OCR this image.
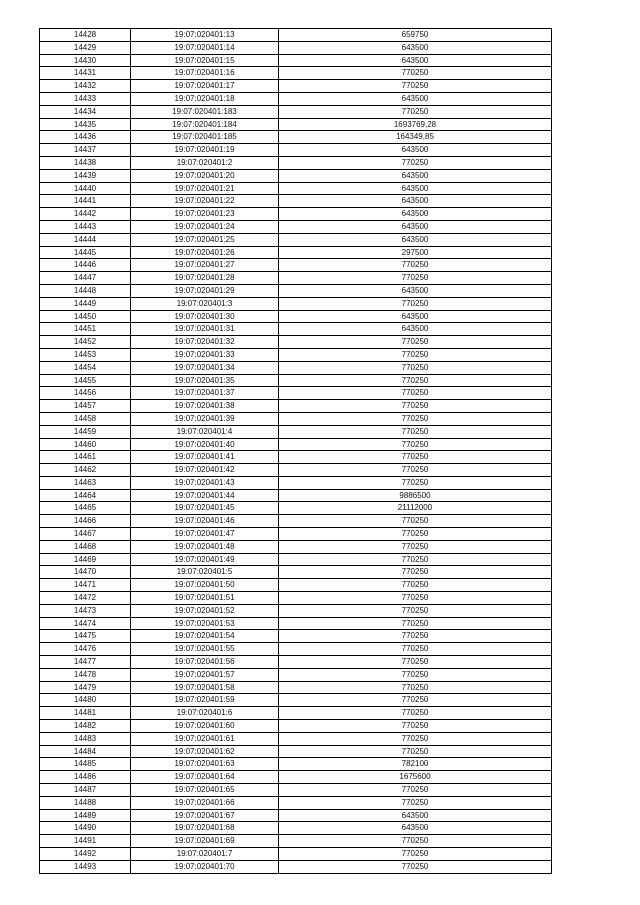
14428	19:07:020401:13	659750
14429	19:07:020401:14	643500
14430	19:07:020401:15	643500
14431	19:07:020401:16	770250
14432	19:07:020401:17	770250
14433	19:07:020401:18	643500
14434	19:07:020401:183	770250
14435	19:07:020401:184	1693769,28
14436	19:07:020401:185	164349,85
14437	19:07:020401:19	643500
14438	19:07:020401:2	770250
14439	19:07:020401:20	643500
14440	19:07:020401:21	643500
14441	19:07:020401:22	643500
14442	19:07:020401:23	643500
14443	19:07:020401:24	643500
14444	19:07:020401:25	643500
14445	19:07:020401:26	297500
14446	19:07:020401:27	770250
14447	19:07:020401:28	770250
14448	19:07:020401:29	643500
14449	19:07:020401:3	770250
14450	19:07:020401:30	643500
14451	19:07:020401:31	643500
14452	19:07:020401:32	770250
14453	19:07:020401:33	770250
14454	19:07:020401:34	770250
14455	19:07:020401:35	770250
14456	19:07:020401:37	770250
14457	19:07:020401:38	770250
14458	19:07:020401:39	770250
14459	19:07:020401:4	770250
14460	19:07:020401:40	770250
14461	19:07:020401:41	770250
14462	19:07:020401:42	770250
14463	19:07:020401:43	770250
14464	19:07:020401:44	9886500
14465	19:07:020401:45	21112000
14466	19:07:020401:46	770250
14467	19:07:020401:47	770250
14468	19:07:020401:48	770250
14469	19:07:020401:49	770250
14470	19:07:020401:5	770250
14471	19:07:020401:50	770250
14472	19:07:020401:51	770250
14473	19:07:020401:52	770250
14474	19:07:020401:53	770250
14475	19:07:020401:54	770250
14476	19:07:020401:55	770250
14477	19:07:020401:56	770250
14478	19:07:020401:57	770250
14479	19:07:020401:58	770250
14480	19:07:020401:59	770250
14481	19:07:020401:6	770250
14482	19:07:020401:60	770250
14483	19:07:020401:61	770250
14484	19:07:020401:62	770250
14485	19:07:020401:63	782100
14486	19:07:020401:64	1675600
14487	19:07:020401:65	770250
14488	19:07:020401:66	770250
14489	19:07:020401:67	643500
14490	19:07:020401:68	643500
14491	19:07:020401:69	770250
14492	19:07:020401:7	770250
14493	19:07:020401:70	770250
